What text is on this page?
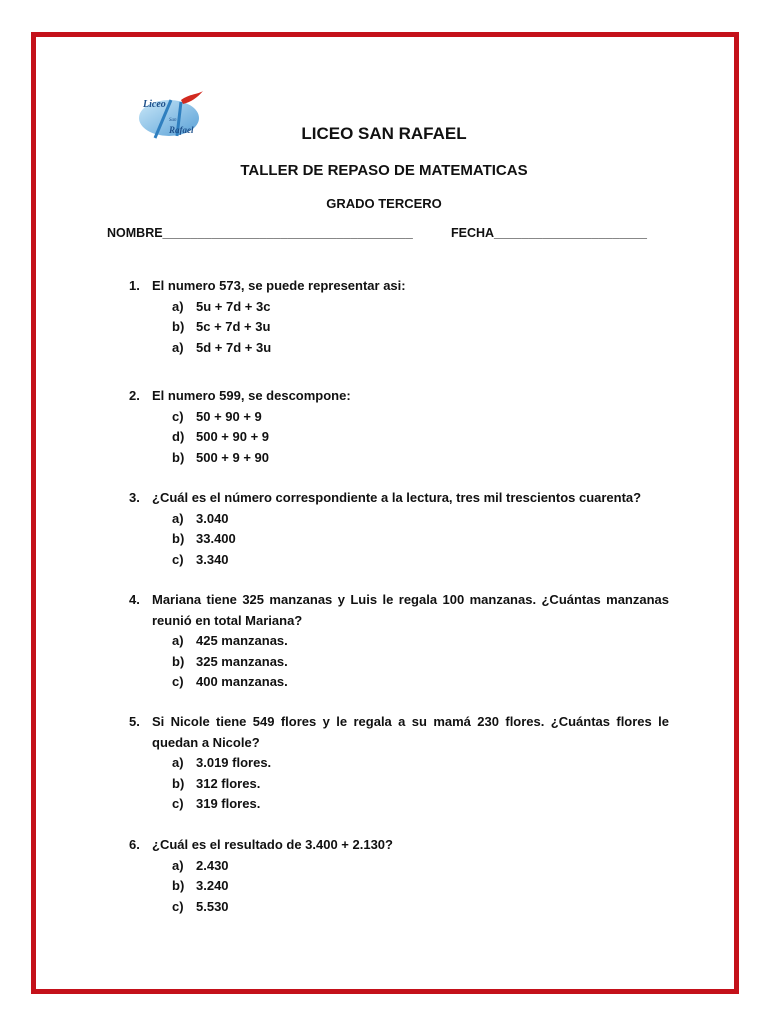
Liceo
San
Rafael	LICEO SAN RAFAEL
TALLER DE REPASO DE MATEMATICAS
GRADO TERCERO
NOMBRE____________________________________	FECHA______________________
1. El numero 573, se puede representar asi:
a) 5u + 7d + 3c
b) 5c + 7d + 3u
a) 5d + 7d + 3u
2. El numero 599, se descompone:
c) 50 + 90 + 9
d) 500 + 90 + 9
b) 500 + 9 + 90
3. ¿Cuál es el número correspondiente a la lectura, tres mil trescientos cuarenta?
a) 3.040
b) 33.400
c) 3.340
4. Mariana tiene 325 manzanas y Luis le regala 100 manzanas. ¿Cuántas manzanas reunió en total Mariana?
a) 425 manzanas.
b) 325 manzanas.
c) 400 manzanas.
5. Si Nicole tiene 549 flores y le regala a su mamá 230 flores. ¿Cuántas flores le quedan a Nicole?
a) 3.019 flores.
b) 312 flores.
c) 319 flores.
6. ¿Cuál es el resultado de 3.400 + 2.130?
a) 2.430
b) 3.240
c) 5.530
